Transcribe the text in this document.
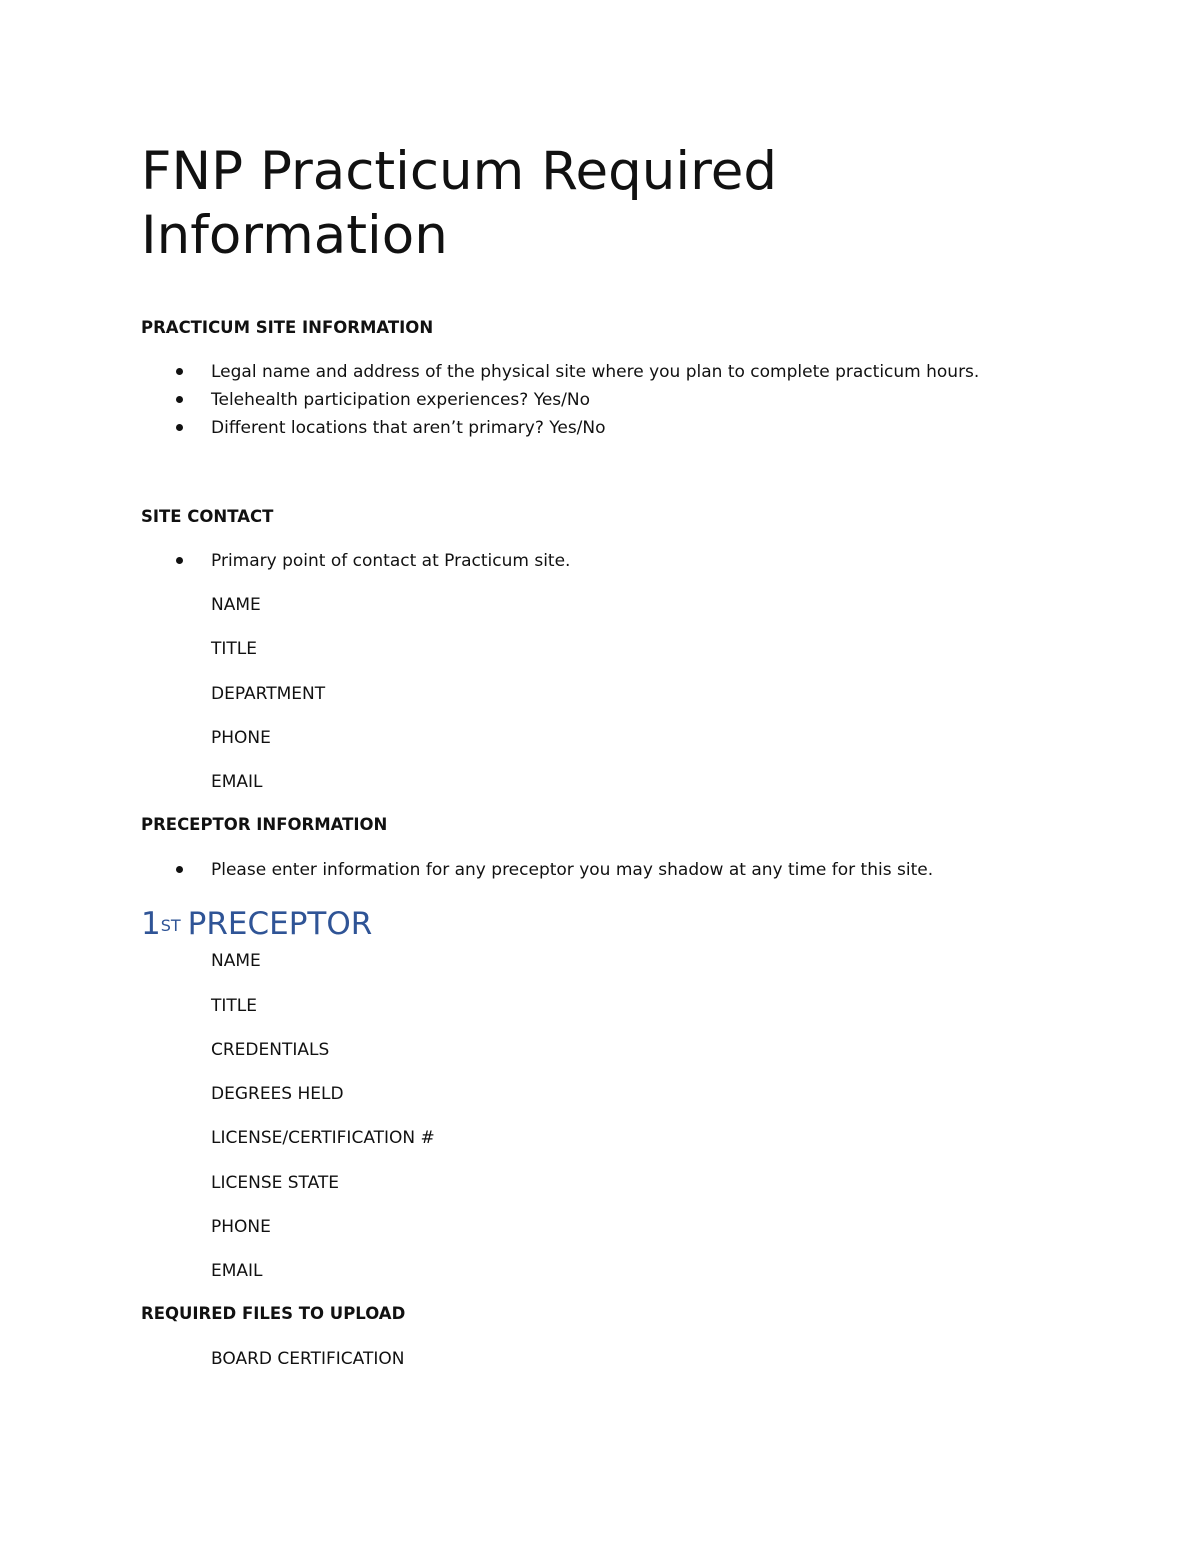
FNP Practicum Required Information

PRACTICUM SITE INFORMATION

Legal name and address of the physical site where you plan to complete practicum hours.

Telehealth participation experiences? Yes/No

Different locations that aren’t primary? Yes/No

SITE CONTACT

Primary point of contact at Practicum site.

NAME

TITLE

DEPARTMENT

PHONE

EMAIL

PRECEPTOR INFORMATION

Please enter information for any preceptor you may shadow at any time for this site.

1ST PRECEPTOR

NAME

TITLE

CREDENTIALS

DEGREES HELD

LICENSE/CERTIFICATION #

LICENSE STATE

PHONE

EMAIL

REQUIRED FILES TO UPLOAD

BOARD CERTIFICATION
